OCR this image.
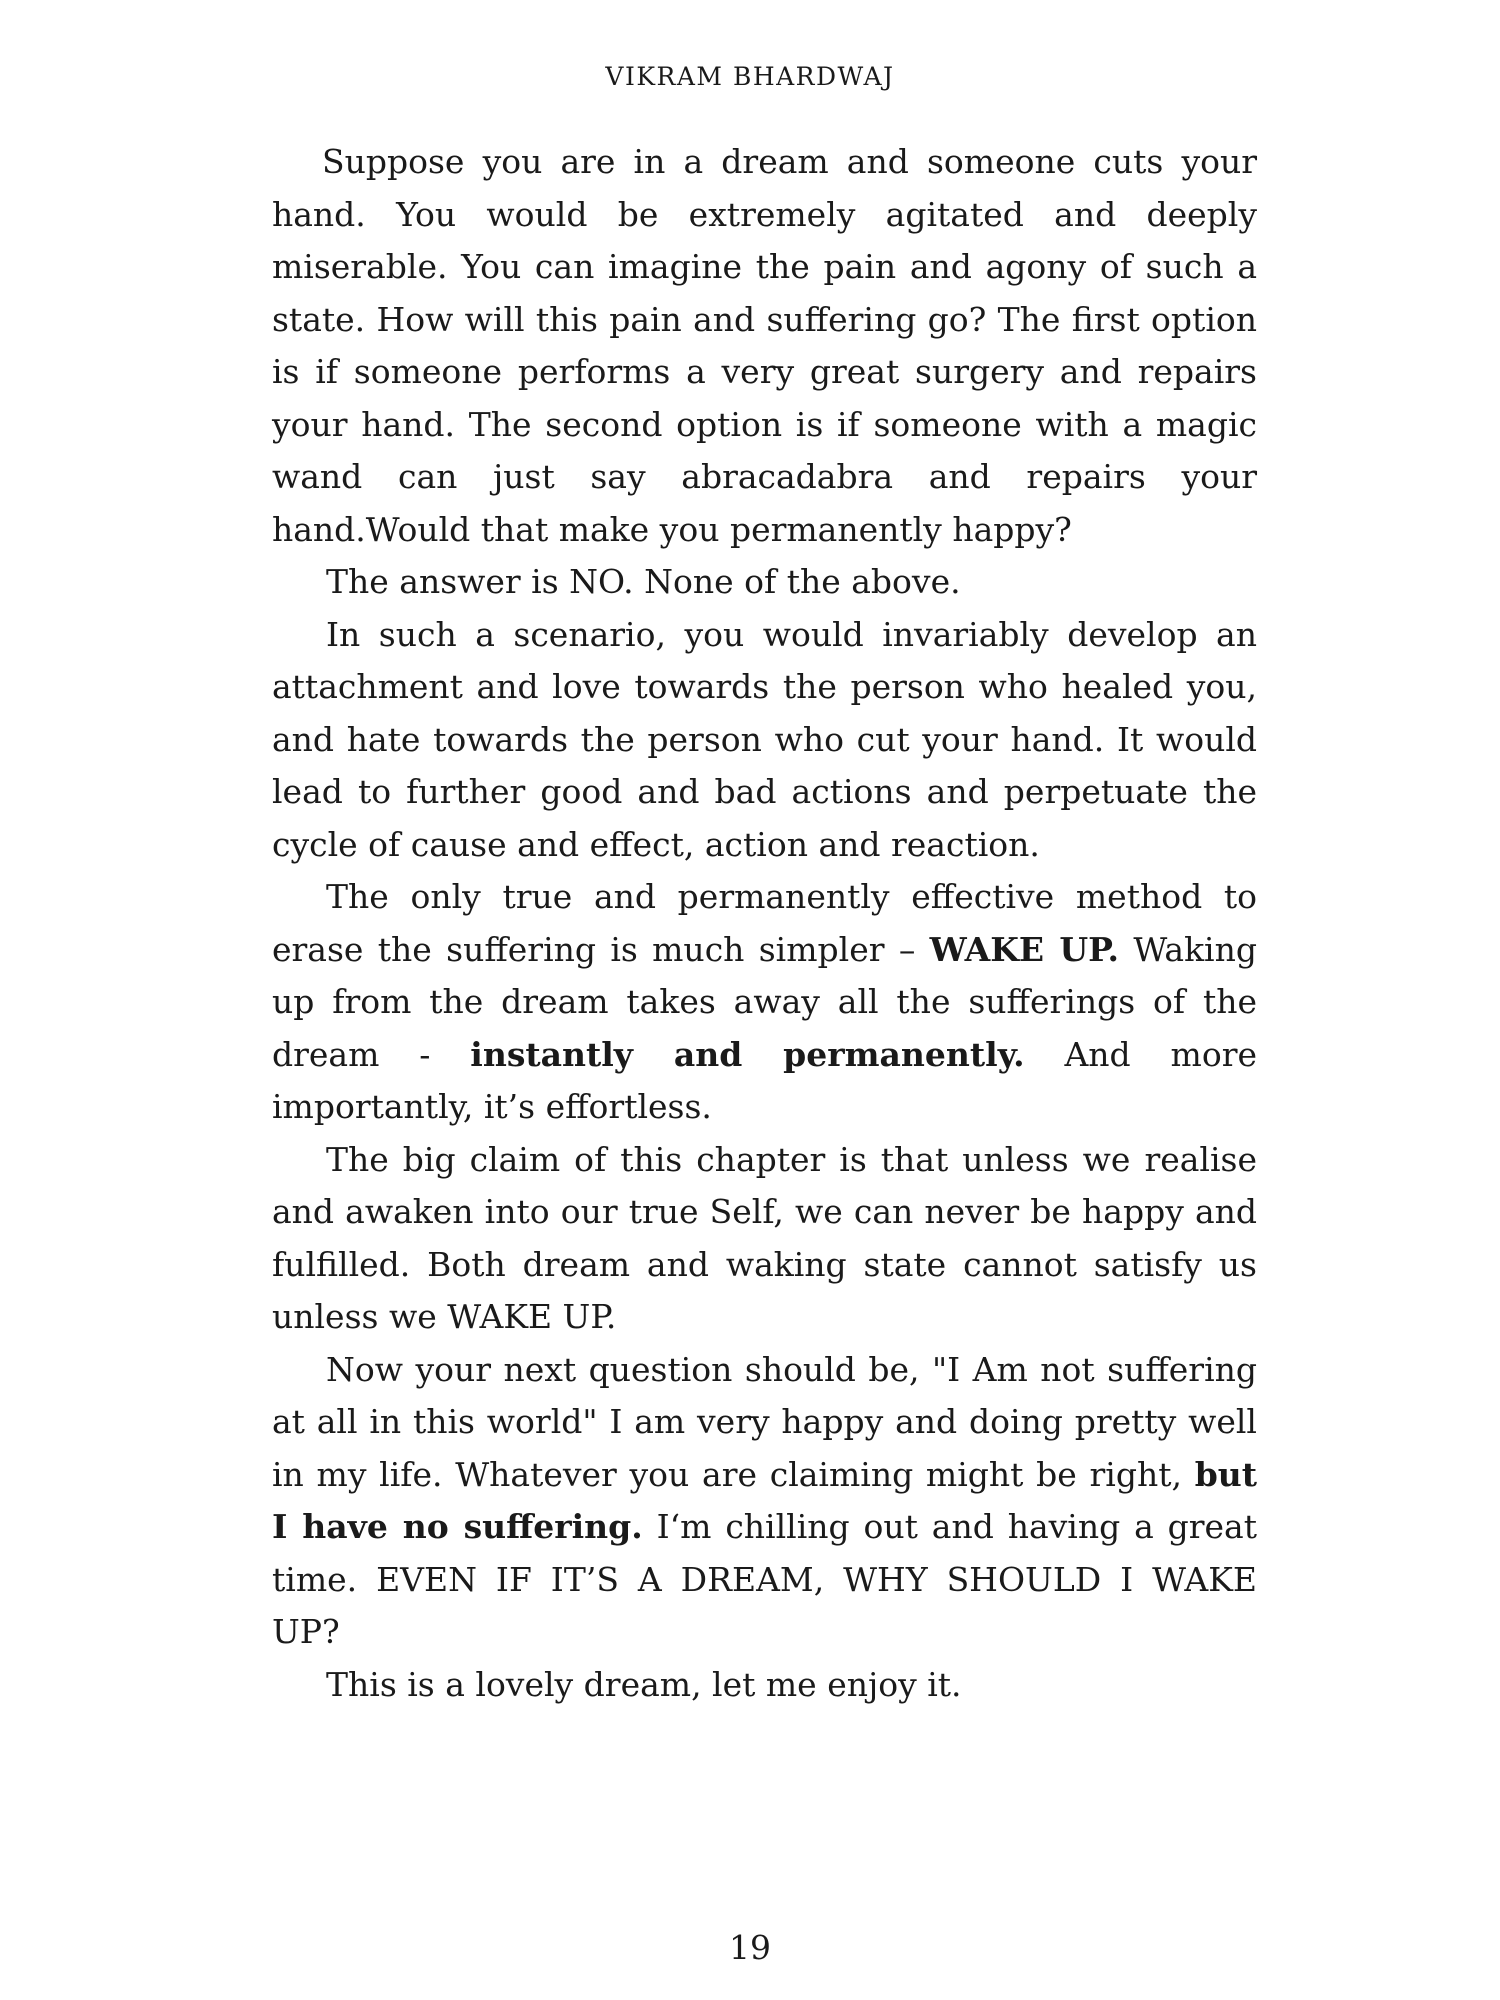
VIKRAM BHARDWAJ

Suppose you are in a dream and someone cuts your hand. You would be extremely agitated and deeply miserable. You can imagine the pain and agony of such a state. How will this pain and suffering go? The first option is if someone performs a very great surgery and repairs your hand. The second option is if someone with a magic wand can just say abracadabra and repairs your hand.Would that make you permanently happy?

The answer is NO. None of the above.

In such a scenario, you would invariably develop an attachment and love towards the person who healed you, and hate towards the person who cut your hand. It would lead to further good and bad actions and perpetuate the cycle of cause and effect, action and reaction.

The only true and permanently effective method to erase the suffering is much simpler – WAKE UP. Waking up from the dream takes away all the sufferings of the dream - instantly and permanently. And more importantly, it’s effortless.

The big claim of this chapter is that unless we realise and awaken into our true Self, we can never be happy and fulfilled. Both dream and waking state cannot satisfy us unless we WAKE UP.

Now your next question should be, "I Am not suffering at all in this world" I am very happy and doing pretty well in my life. Whatever you are claiming might be right, but I have no suffering. I‘m chilling out and having a great time. EVEN IF IT’S A DREAM, WHY SHOULD I WAKE UP?

This is a lovely dream, let me enjoy it.

19
